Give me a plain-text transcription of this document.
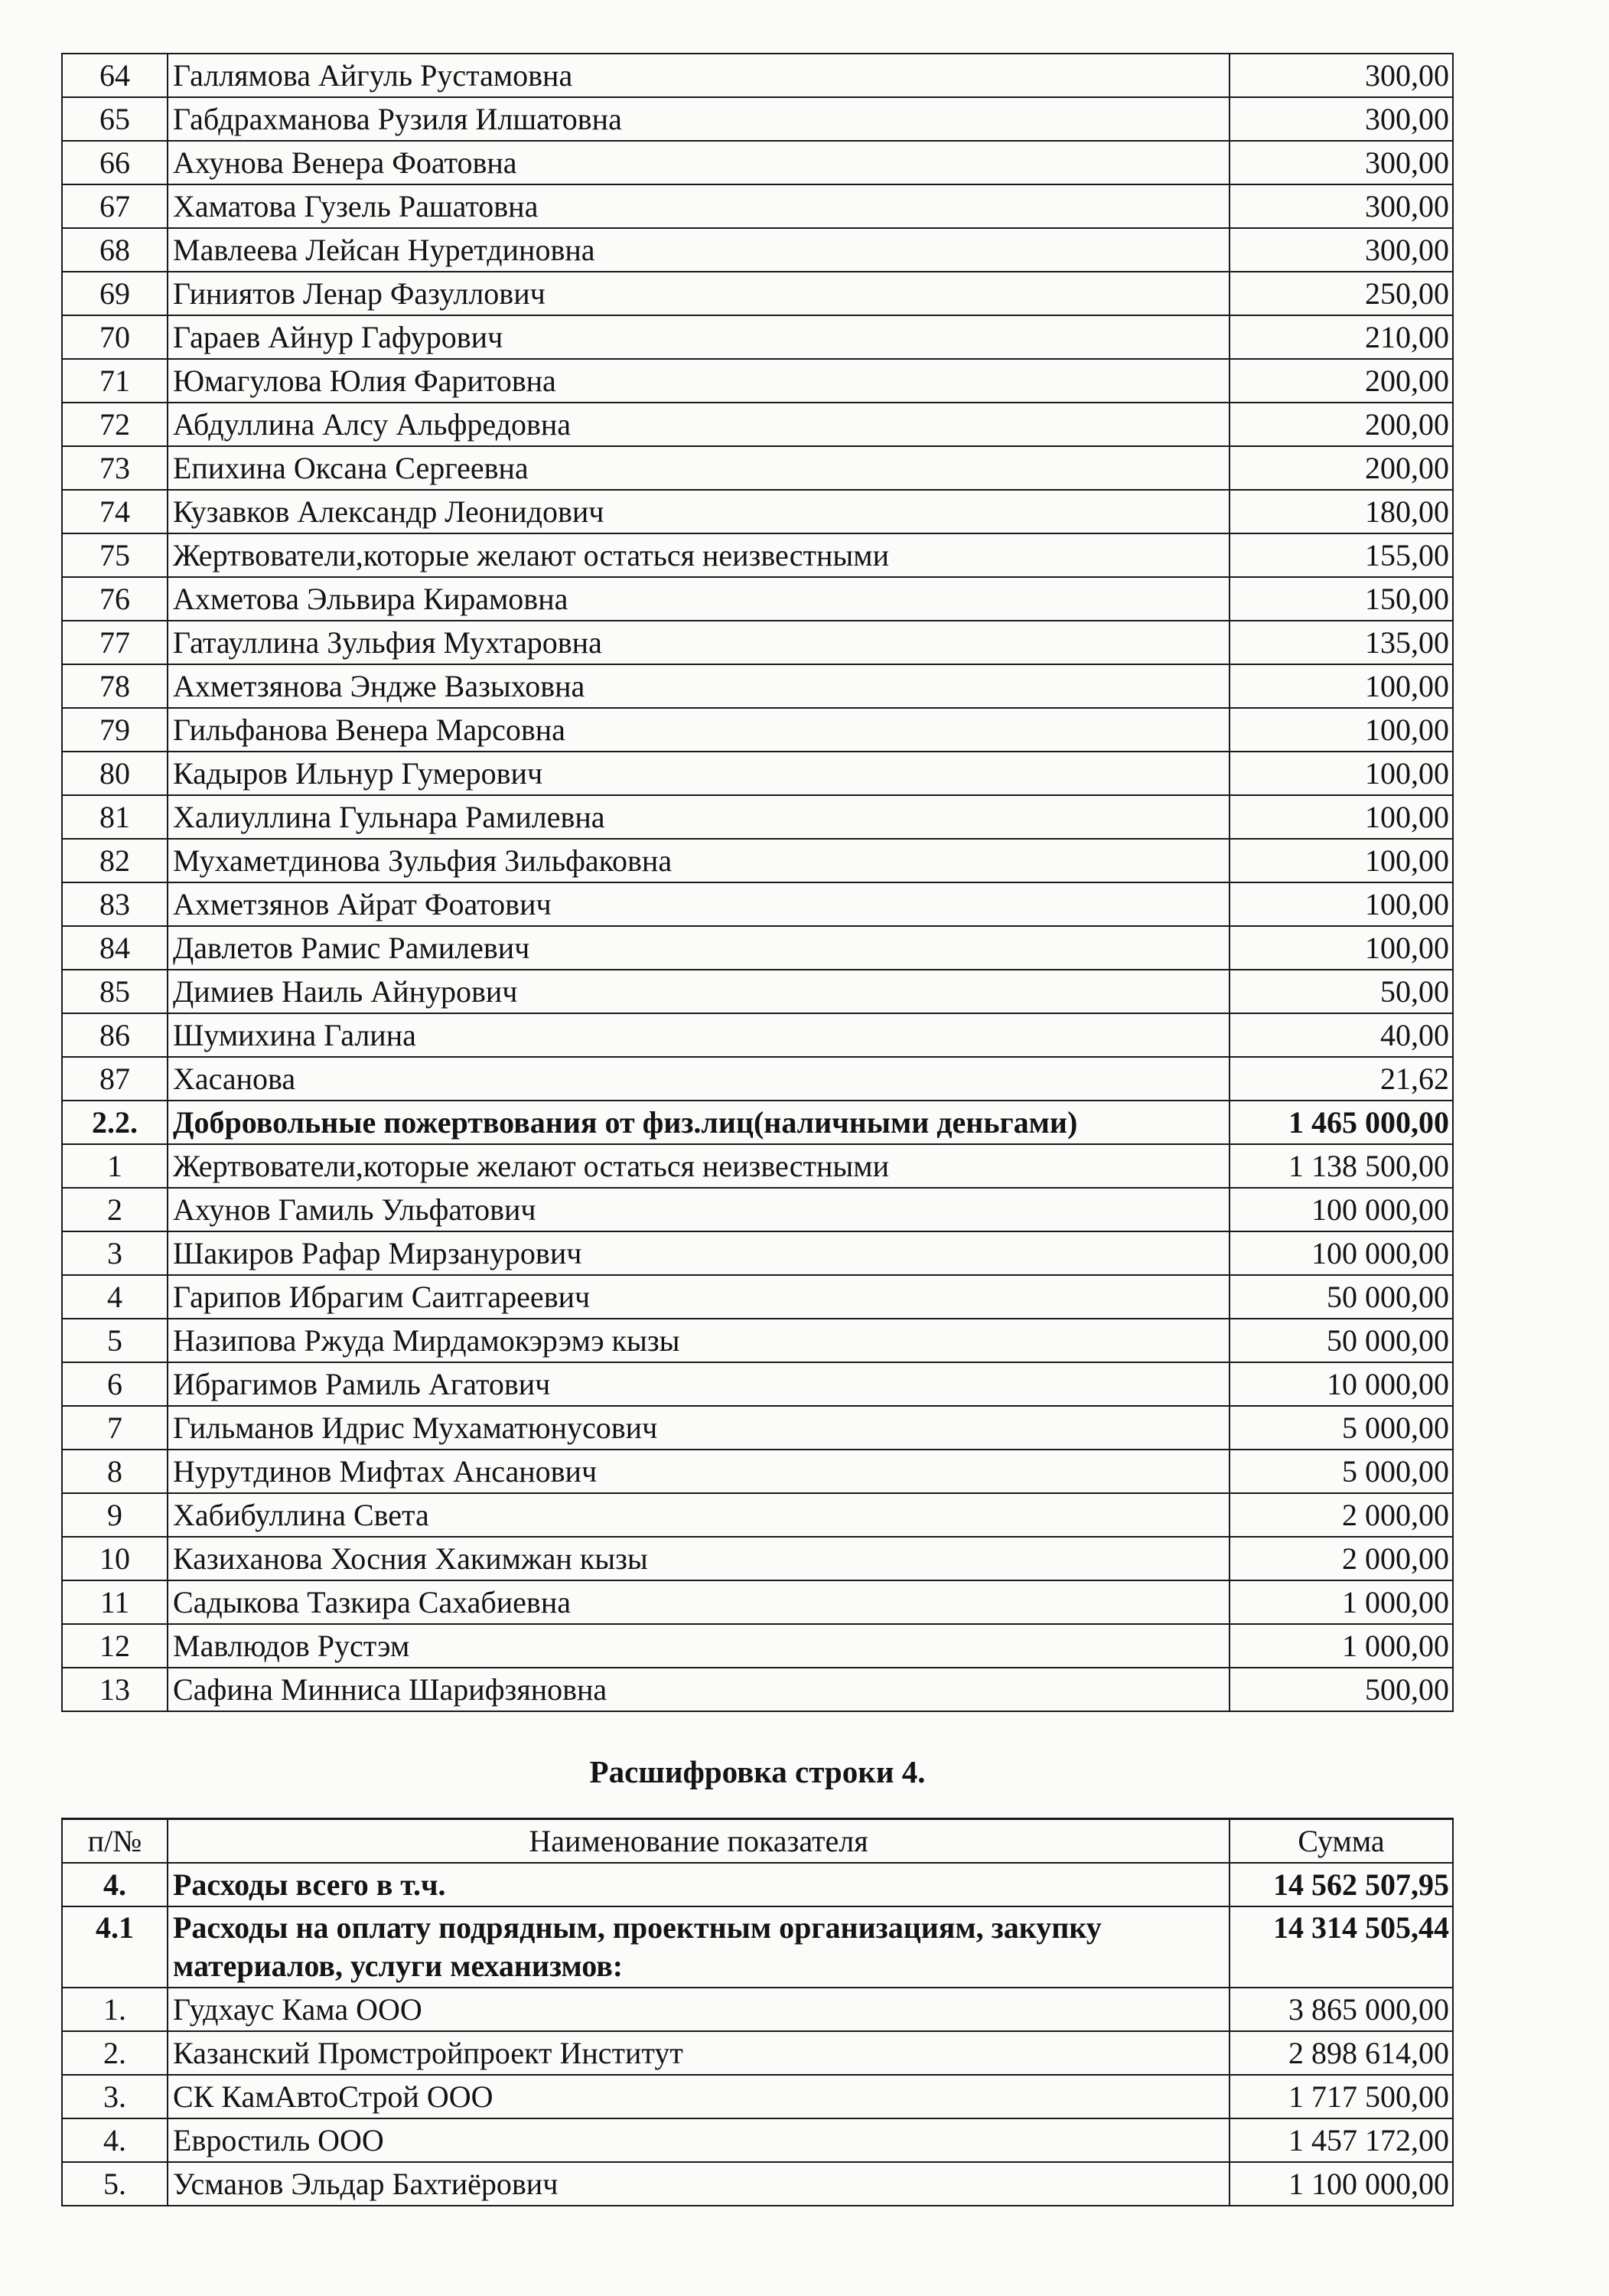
64	Галлямова Айгуль Рустамовна	300,00
65	Габдрахманова Рузиля Илшатовна	300,00
66	Ахунова Венера Фоатовна	300,00
67	Хаматова Гузель Рашатовна	300,00
68	Мавлеева Лейсан Нуретдиновна	300,00
69	Гиниятов Ленар Фазуллович	250,00
70	Гараев Айнур Гафурович	210,00
71	Юмагулова Юлия Фаритовна	200,00
72	Абдуллина Алсу Альфредовна	200,00
73	Епихина Оксана Сергеевна	200,00
74	Кузавков Александр Леонидович	180,00
75	Жертвователи,которые желают остаться неизвестными	155,00
76	Ахметова Эльвира Кирамовна	150,00
77	Гатауллина Зульфия Мухтаровна	135,00
78	Ахметзянова Эндже Вазыховна	100,00
79	Гильфанова Венера Марсовна	100,00
80	Кадыров Ильнур Гумерович	100,00
81	Халиуллина Гульнара Рамилевна	100,00
82	Мухаметдинова Зульфия Зильфаковна	100,00
83	Ахметзянов Айрат Фоатович	100,00
84	Давлетов Рамис Рамилевич	100,00
85	Димиев Наиль Айнурович	50,00
86	Шумихина Галина	40,00
87	Хасанова	21,62
2.2.	Добровольные пожертвования от физ.лиц(наличными деньгами)	1 465 000,00
1	Жертвователи,которые желают остаться неизвестными	1 138 500,00
2	Ахунов Гамиль Ульфатович	100 000,00
3	Шакиров Рафар Мирзанурович	100 000,00
4	Гарипов Ибрагим Саитгареевич	50 000,00
5	Назипова Ржуда Мирдамокэрэмэ кызы	50 000,00
6	Ибрагимов Рамиль Агатович	10 000,00
7	Гильманов Идрис Мухаматюнусович	5 000,00
8	Нурутдинов Мифтах Ансанович	5 000,00
9	Хабибуллина Света	2 000,00
10	Казиханова Хосния Хакимжан кызы	2 000,00
11	Садыкова Тазкира Сахабиевна	1 000,00
12	Мавлюдов Рустэм	1 000,00
13	Сафина Минниса Шарифзяновна	500,00
Расшифровка строки 4.
п/№	Наименование показателя	Сумма
4.	Расходы всего в т.ч.	14 562 507,95
4.1	Расходы на оплату подрядным, проектным организациям, закупку материалов, услуги механизмов:	14 314 505,44
1.	Гудхаус Кама ООО	3 865 000,00
2.	Казанский Промстройпроект Институт	2 898 614,00
3.	СК КамАвтоСтрой ООО	1 717 500,00
4.	Евростиль ООО	1 457 172,00
5.	Усманов Эльдар Бахтиёрович	1 100 000,00
